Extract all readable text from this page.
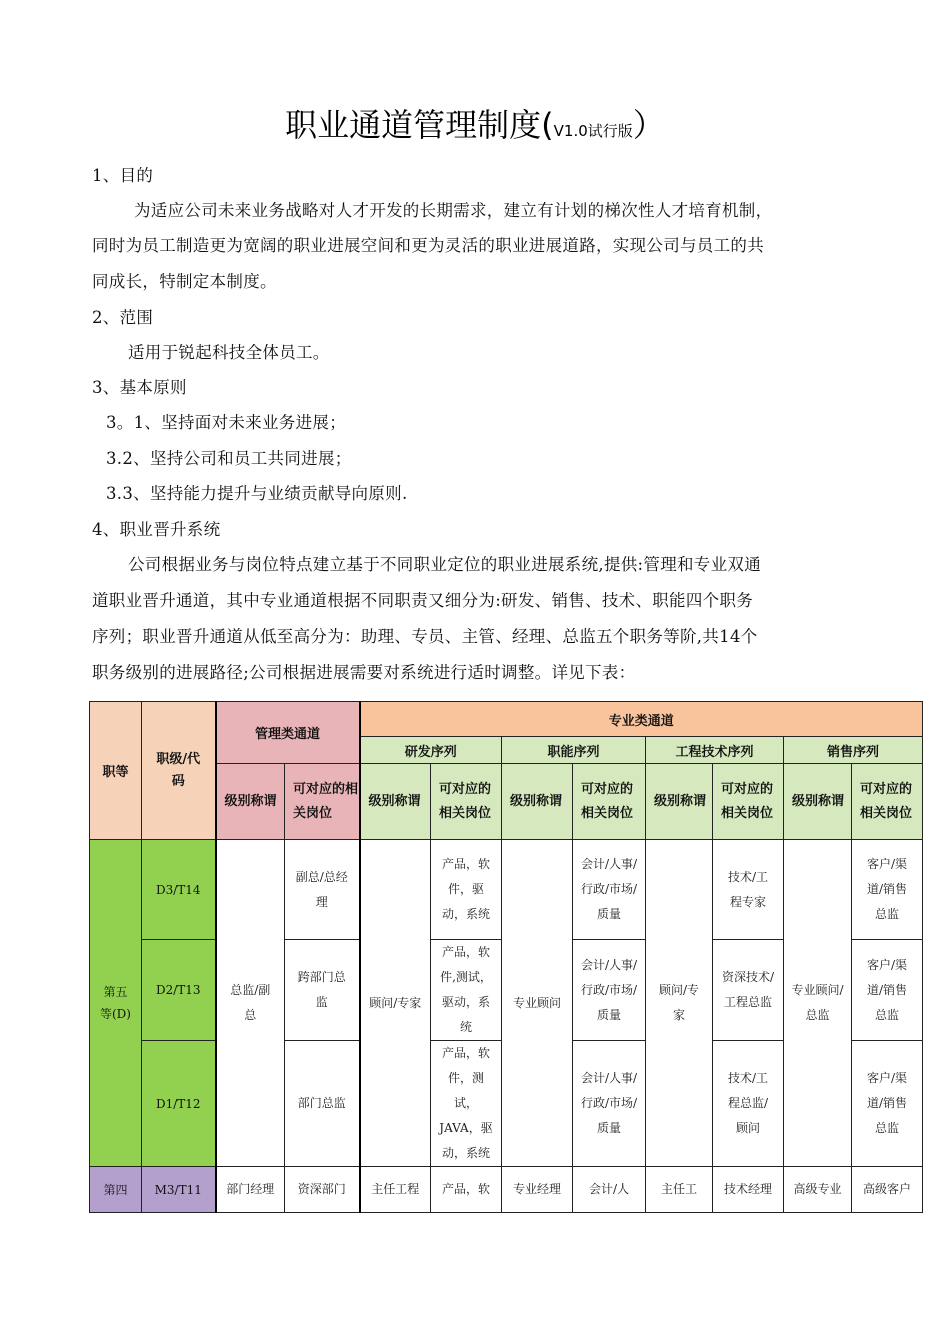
职业通道管理制度(V1.0试行版）
1、目的
为适应公司未来业务战略对人才开发的长期需求，建立有计划的梯次性人才培育机制，
同时为员工制造更为宽阔的职业进展空间和更为灵活的职业进展道路，实现公司与员工的共
同成长，特制定本制度。
2、范围
适用于锐起科技全体员工。
3、基本原则
3。1、坚持面对未来业务进展；
3.2、坚持公司和员工共同进展；
3.3、坚持能力提升与业绩贡献导向原则.
4、职业晋升系统
公司根据业务与岗位特点建立基于不同职业定位的职业进展系统,提供:管理和专业双通
道职业晋升通道，其中专业通道根据不同职责又细分为:研发、销售、技术、职能四个职务
序列；职业晋升通道从低至高分为：助理、专员、主管、经理、总监五个职务等阶,共14个
职务级别的进展路径;公司根据进展需要对系统进行适时调整。详见下表：
职等	职级/代码	管理类通道		专业类通道							
				研发序列		职能序列		工程技术序列		销售序列	
		级别称谓	可对应的相关岗位	级别称谓	可对应的相关岗位	级别称谓	可对应的相关岗位	级别称谓	可对应的相关岗位	级别称谓	可对应的相关岗位
第五等(D)	D3/T14	总监/副总	副总/总经理	顾问/专家	产品，软件，驱动，系统	专业顾问	会计/人事/行政/市场/质量	顾问/专家	技术/工程专家	专业顾问/总监	客户/渠道/销售总监
	D2/T13		跨部门总监		产品，软件,测试，驱动，系统		会计/人事/行政/市场/质量		资深技术/工程总监		客户/渠道/销售总监
	D1/T12		部门总监		产品，软件，测试，JAVA，驱动，系统		会计/人事/行政/市场/质量		技术/工程总监/顾问		客户/渠道/销售总监
第四	M3/T11	部门经理	资深部门	主任工程	产品，软	专业经理	会计/人	主任工	技术经理	高级专业	高级客户
